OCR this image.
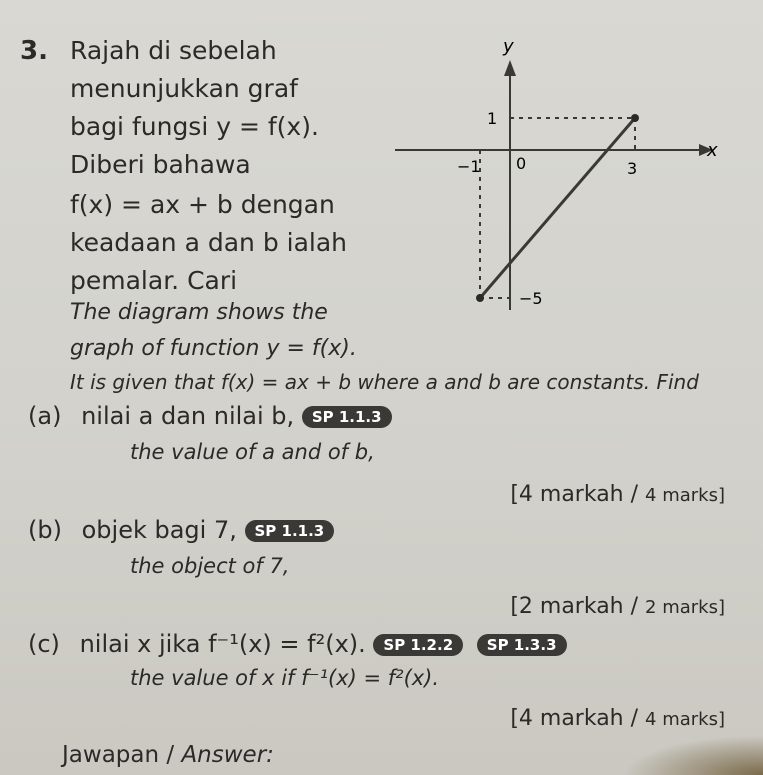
3. Rajah di sebelah
menunjukkan graf
bagi fungsi y = f(x).
Diberi bahawa
f(x) = ax + b dengan
keadaan a dan b ialah
pemalar. Cari
The diagram shows the
graph of function y = f(x).
It is given that f(x) = ax + b where a and b are constants. Find
y
x
1
−1 0	3
−5
(a) nilai a dan nilai b, SP 1.1.3
the value of a and of b,
[4 markah / 4 marks]
(b) objek bagi 7, SP 1.1.3
the object of 7,
[2 markah / 2 marks]
(c) nilai x jika f⁻¹(x) = f²(x). SP 1.2.2 SP 1.3.3
the value of x if f⁻¹(x) = f²(x).
[4 markah / 4 marks]
Jawapan / Answer:
